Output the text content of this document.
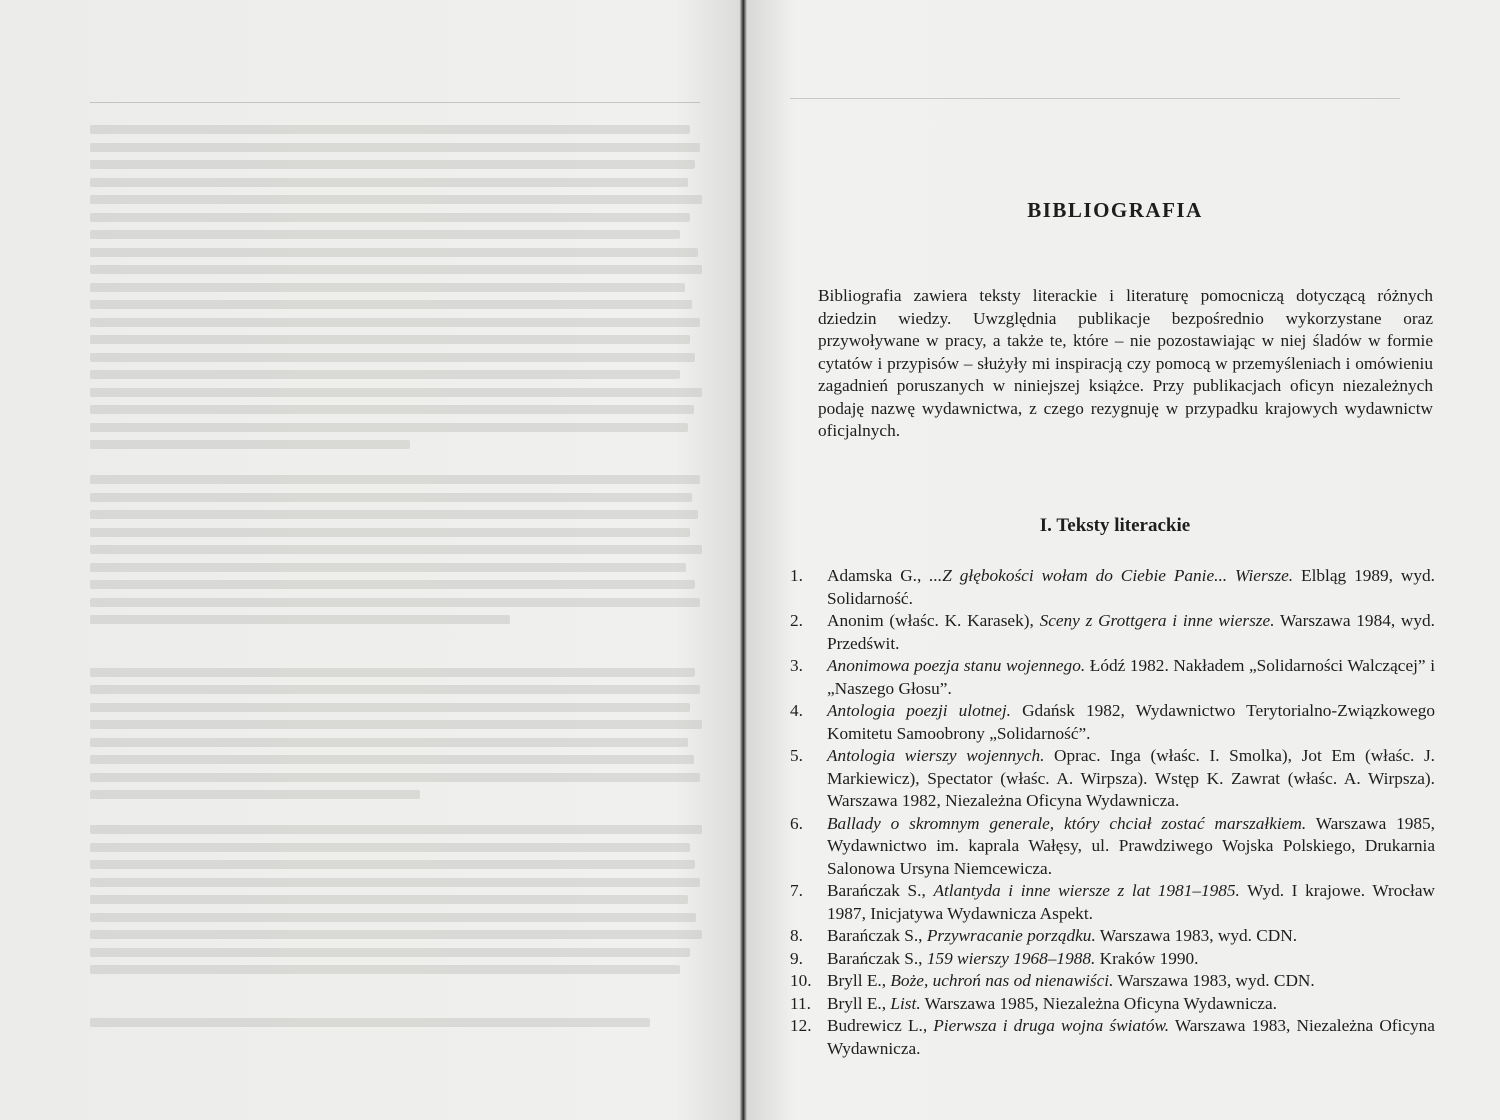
BIBLIOGRAFIA

Bibliografia zawiera teksty literackie i literaturę pomocniczą dotyczącą różnych dziedzin wiedzy. Uwzględnia publikacje bezpośrednio wykorzystane oraz przywoływane w pracy, a także te, które – nie pozostawiając w niej śladów w formie cytatów i przypisów – służyły mi inspiracją czy pomocą w przemyśleniach i omówieniu zagadnień poruszanych w niniejszej książce. Przy publikacjach oficyn niezależnych podaję nazwę wydawnictwa, z czego rezygnuję w przypadku krajowych wydawnictw oficjalnych.

I. Teksty literackie
1.	Adamska G., ...Z głębokości wołam do Ciebie Panie... Wiersze. Elbląg 1989, wyd. Solidarność.
2.	Anonim (właśc. K. Karasek), Sceny z Grottgera i inne wiersze. Warszawa 1984, wyd. Przedświt.
3.	Anonimowa poezja stanu wojennego. Łódź 1982. Nakładem „Solidarności Walczącej” i „Naszego Głosu”.
4.	Antologia poezji ulotnej. Gdańsk 1982, Wydawnictwo Terytorialno-Związkowego Komitetu Samoobrony „Solidarność”.
5.	Antologia wierszy wojennych. Oprac. Inga (właśc. I. Smolka), Jot Em (właśc. J. Markiewicz), Spectator (właśc. A. Wirpsza). Wstęp K. Zawrat (właśc. A. Wirpsza). Warszawa 1982, Niezależna Oficyna Wydawnicza.
6.	Ballady o skromnym generale, który chciał zostać marszałkiem. Warszawa 1985, Wydawnictwo im. kaprala Wałęsy, ul. Prawdziwego Wojska Polskiego, Drukarnia Salonowa Ursyna Niemcewicza.
7.	Barańczak S., Atlantyda i inne wiersze z lat 1981–1985. Wyd. I krajowe. Wrocław 1987, Inicjatywa Wydawnicza Aspekt.
8.	Barańczak S., Przywracanie porządku. Warszawa 1983, wyd. CDN.
9.	Barańczak S., 159 wierszy 1968–1988. Kraków 1990.
10. Bryll E., Boże, uchroń nas od nienawiści. Warszawa 1983, wyd. CDN.
11. Bryll E., List. Warszawa 1985, Niezależna Oficyna Wydawnicza.
12. Budrewicz L., Pierwsza i druga wojna światów. Warszawa 1983, Niezależna Oficyna Wydawnicza.
